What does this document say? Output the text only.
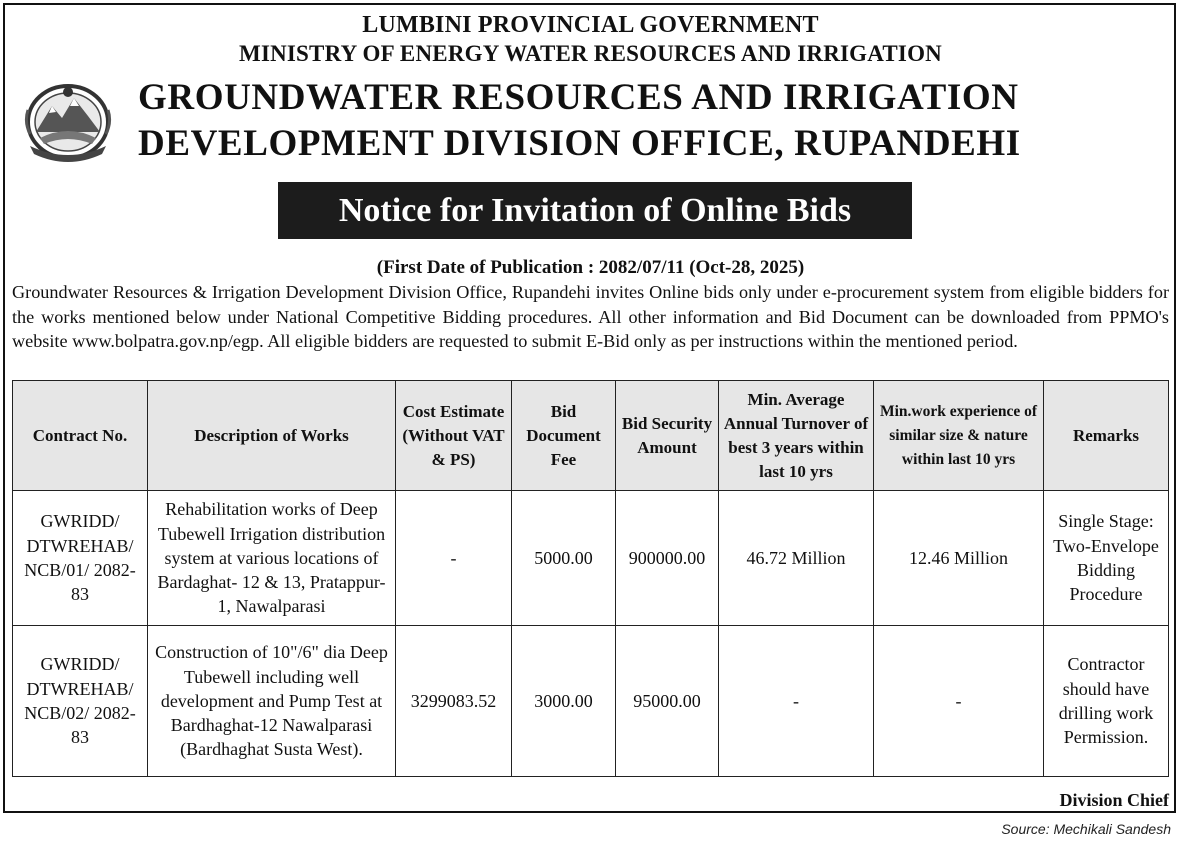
LUMBINI PROVINCIAL GOVERNMENT
MINISTRY OF ENERGY WATER RESOURCES AND IRRIGATION
GROUNDWATER RESOURCES AND IRRIGATION
DEVELOPMENT DIVISION OFFICE, RUPANDEHI
Notice for Invitation of Online Bids
(First Date of Publication : 2082/07/11 (Oct-28, 2025)
Groundwater Resources & Irrigation Development Division Office, Rupandehi invites Online bids only under e-procurement system from eligible bidders for the works mentioned below under National Competitive Bidding procedures. All other information and Bid Document can be downloaded from PPMO's website www.bolpatra.gov.np/egp. All eligible bidders are requested to submit E-Bid only as per instructions within the mentioned period.
Contract No.	Description of Works	Cost Estimate (Without VAT & PS)	Bid Document Fee	Bid Security Amount	Min. Average Annual Turnover of best 3 years within last 10 yrs	Min.work experience of similar size & nature within last 10 yrs	Remarks
GWRIDD/ DTWREHAB/ NCB/01/ 2082-83	Rehabilitation works of Deep Tubewell Irrigation distribution system at various locations of Bardaghat- 12 & 13, Pratappur-1, Nawalparasi	-	5000.00	900000.00	46.72 Million	12.46 Million	Single Stage: Two-Envelope Bidding Procedure
GWRIDD/ DTWREHAB/ NCB/02/ 2082-83	Construction of 10"/6" dia Deep Tubewell including well development and Pump Test at Bardhaghat-12 Nawalparasi (Bardhaghat Susta West).	3299083.52	3000.00	95000.00	-	-	Contractor should have drilling work Permission.
Division Chief
Source: Mechikali Sandesh
